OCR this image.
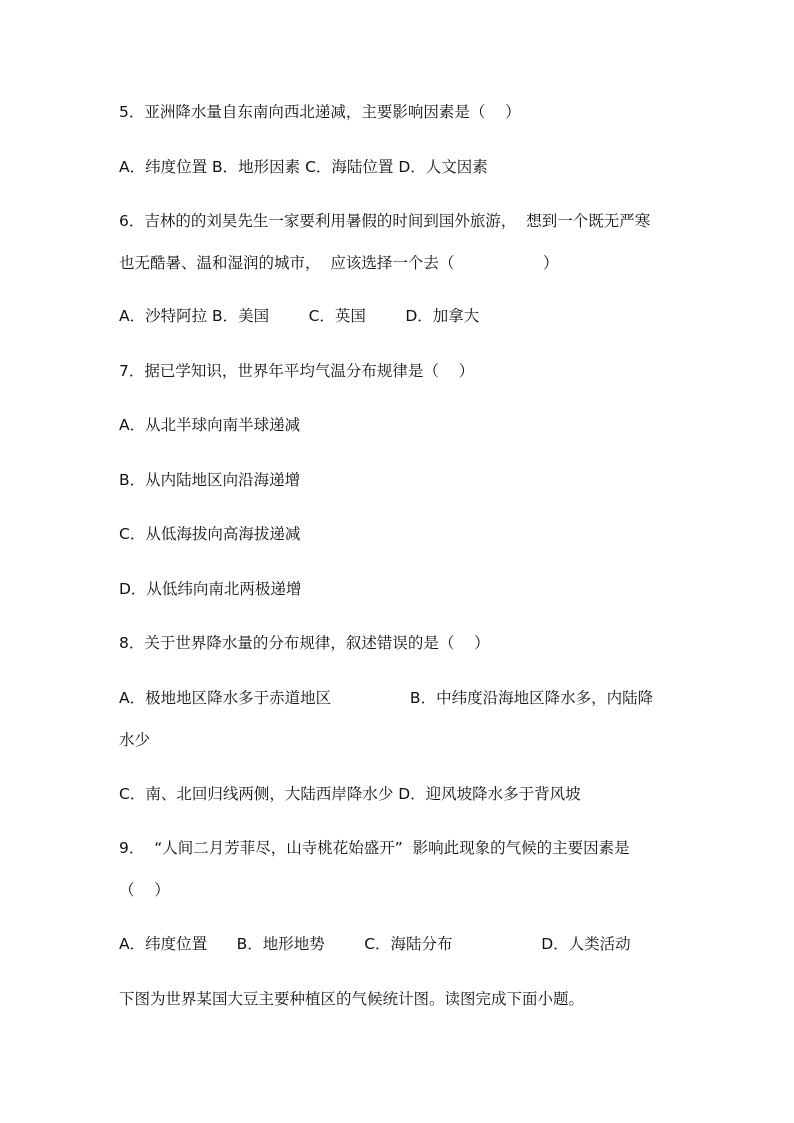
5．亚洲降水量自东南向西北递减，主要影响因素是（    ）
A．纬度位置 B．地形因素 C．海陆位置 D．人文因素
6．吉林的的刘昊先生一家要利用暑假的时间到国外旅游，  想到一个既无严寒
也无酷暑、温和湿润的城市，  应该选择一个去（                  ）
A．沙特阿拉 B．美国        C．英国        D．加拿大
7．据已学知识，世界年平均气温分布规律是（    ）
A．从北半球向南半球递减
B．从内陆地区向沿海递增
C．从低海拔向高海拔递减
D．从低纬向南北两极递增
8．关于世界降水量的分布规律，叙述错误的是（    ）
A．极地地区降水多于赤道地区                B．中纬度沿海地区降水多，内陆降
水少
C．南、北回归线两侧，大陆西岸降水少 D．迎风坡降水多于背风坡
9．  “人间二月芳菲尽，山寺桃花始盛开”  影响此现象的气候的主要因素是
（    ）
A．纬度位置      B．地形地势        C．海陆分布                  D．人类活动
下图为世界某国大豆主要种植区的气候统计图。读图完成下面小题。
